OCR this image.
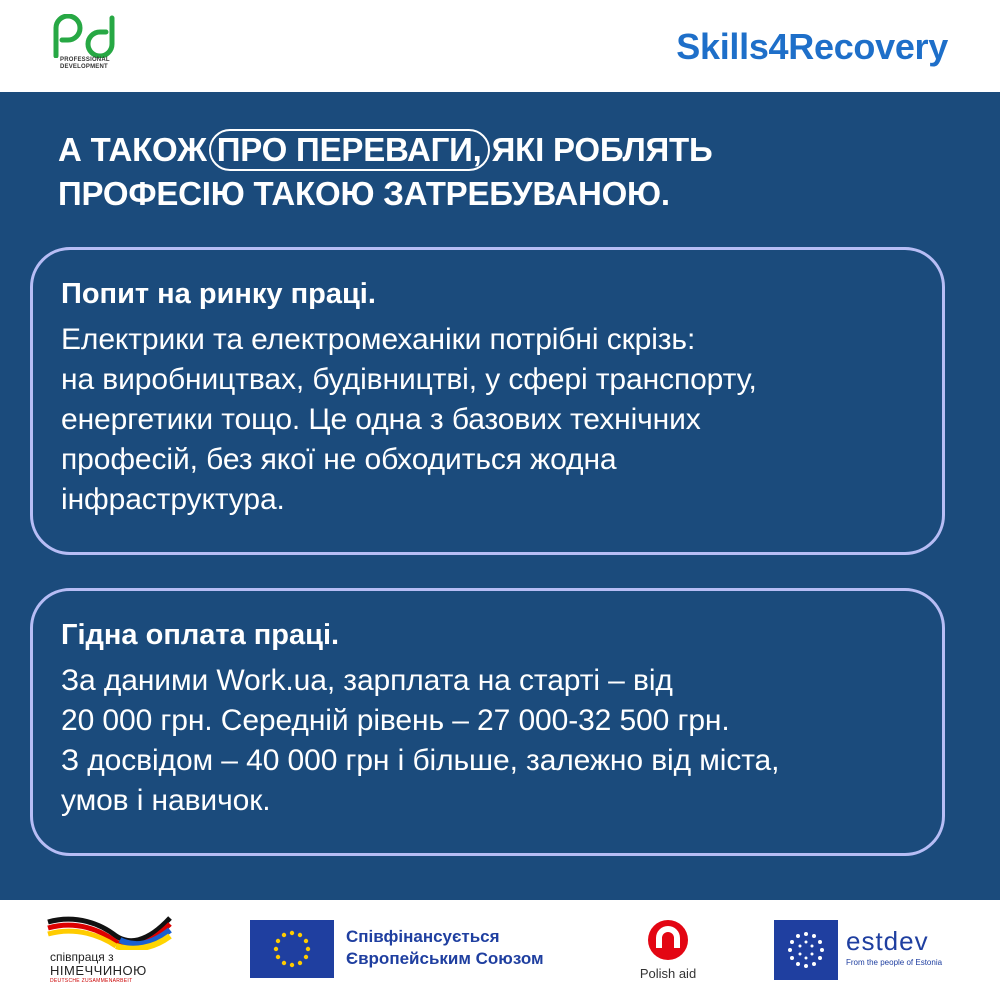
PROFESSIONAL
DEVELOPMENT	Skills4Recovery
А ТАКОЖ ПРО ПЕРЕВАГИ, ЯКІ РОБЛЯТЬ
ПРОФЕСІЮ ТАКОЮ ЗАТРЕБУВАНОЮ.
Попит на ринку праці.
Електрики та електромеханіки потрібні скрізь:
на виробництвах, будівництві, у сфері транспорту,
енергетики тощо. Це одна з базових технічних
професій, без якої не обходиться жодна
інфраструктура.
Гідна оплата праці.
За даними Work.ua, зарплата на старті – від
20 000 грн. Середній рівень – 27 000-32 500 грн.
З досвідом – 40 000 грн і більше, залежно від міста,
умов і навичок.
співпраця з
НІМЕЧЧИНОЮ
DEUTSCHE ZUSAMMENARBEIT
Співфінансується
Європейським Союзом
Polish aid
estdev
From the people of Estonia
